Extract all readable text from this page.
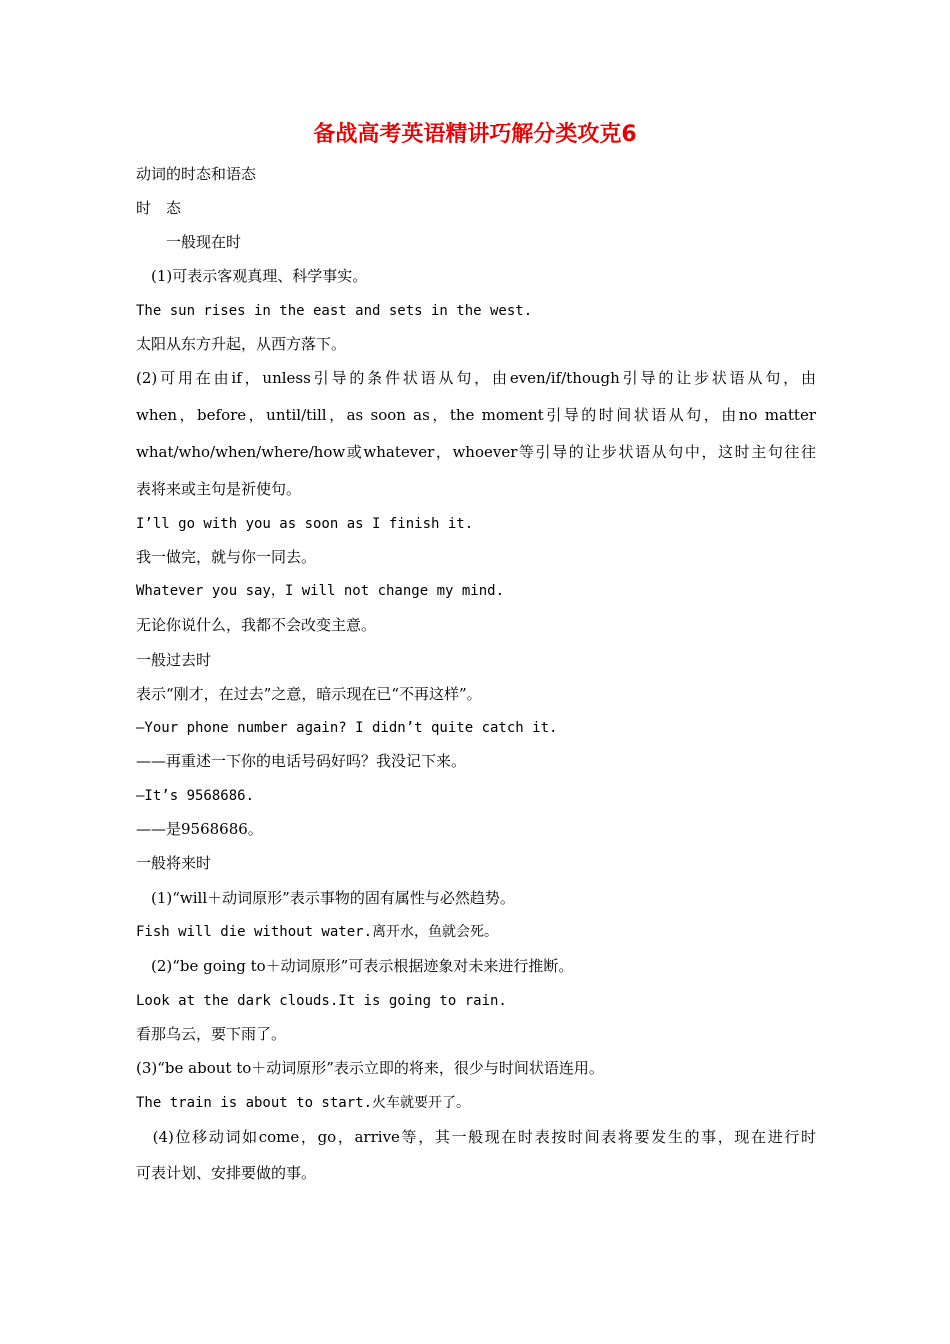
备战高考英语精讲巧解分类攻克6
动词的时态和语态
时　态
　　一般现在时
　(1)可表示客观真理、科学事实。
The sun rises in the east and sets in the west.
太阳从东方升起，从西方落下。
(2)可用在由if，unless引导的条件状语从句，由even/if/though引导的让步状语从句，由
when，before，until/till，as soon as，the moment引导的时间状语从句，由no matter
what/who/when/where/how或whatever，whoever等引导的让步状语从句中，这时主句往往
表将来或主句是祈使句。
I’ll go with you as soon as I finish it.
我一做完，就与你一同去。
Whatever you say，I will not change my mind.
无论你说什么，我都不会改变主意。
一般过去时
表示“刚才，在过去”之意，暗示现在已“不再这样”。
—Your phone number again? I didn’t quite catch it.
——再重述一下你的电话号码好吗？我没记下来。
—It’s 9568686.
——是9568686。
一般将来时
　(1)“will＋动词原形”表示事物的固有属性与必然趋势。
Fish will die without water.离开水，鱼就会死。
　(2)“be going to＋动词原形”可表示根据迹象对未来进行推断。
Look at the dark clouds.It is going to rain.
看那乌云，要下雨了。
(3)“be about to＋动词原形”表示立即的将来，很少与时间状语连用。
The train is about to start.火车就要开了。
　(4)位移动词如come，go，arrive等，其一般现在时表按时间表将要发生的事，现在进行时
可表计划、安排要做的事。
